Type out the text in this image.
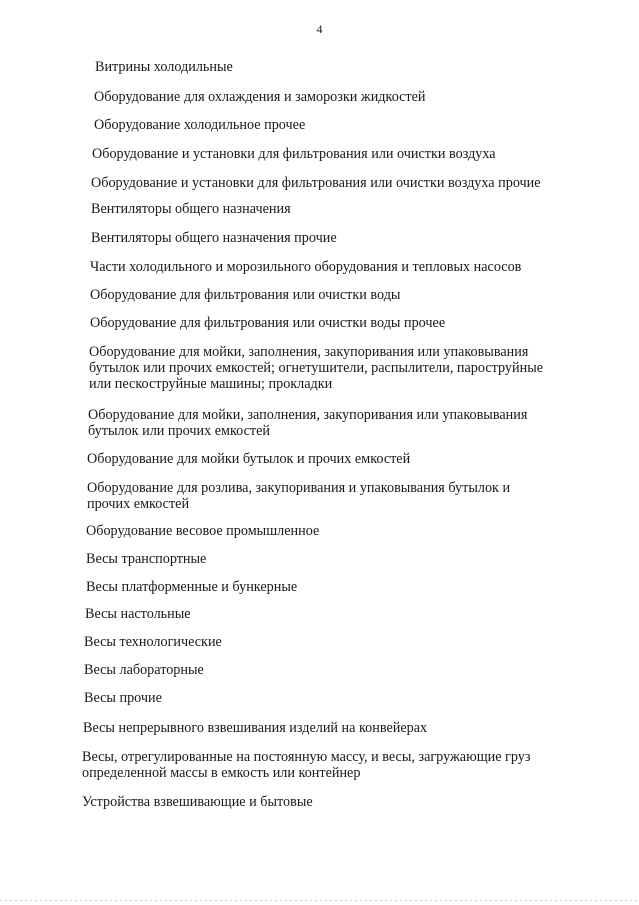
4
Витрины холодильные
Оборудование для охлаждения и заморозки жидкостей
Оборудование холодильное прочее
Оборудование и установки для фильтрования или очистки воздуха
Оборудование и установки для фильтрования или очистки воздуха прочие
Вентиляторы общего назначения
Вентиляторы общего назначения прочие
Части холодильного и морозильного оборудования и тепловых насосов
Оборудование для фильтрования или очистки воды
Оборудование для фильтрования или очистки воды прочее
Оборудование для мойки, заполнения, закупоривания или упаковывания
бутылок или прочих емкостей; огнетушители, распылители, пароструйные
или пескоструйные машины; прокладки
Оборудование для мойки, заполнения, закупоривания или упаковывания
бутылок или прочих емкостей
Оборудование для мойки бутылок и прочих емкостей
Оборудование для розлива, закупоривания и упаковывания бутылок и
прочих емкостей
Оборудование весовое промышленное
Весы транспортные
Весы платформенные и бункерные
Весы настольные
Весы технологические
Весы лабораторные
Весы прочие
Весы непрерывного взвешивания изделий на конвейерах
Весы, отрегулированные на постоянную массу, и весы, загружающие груз
определенной массы в емкость или контейнер
Устройства взвешивающие и бытовые
